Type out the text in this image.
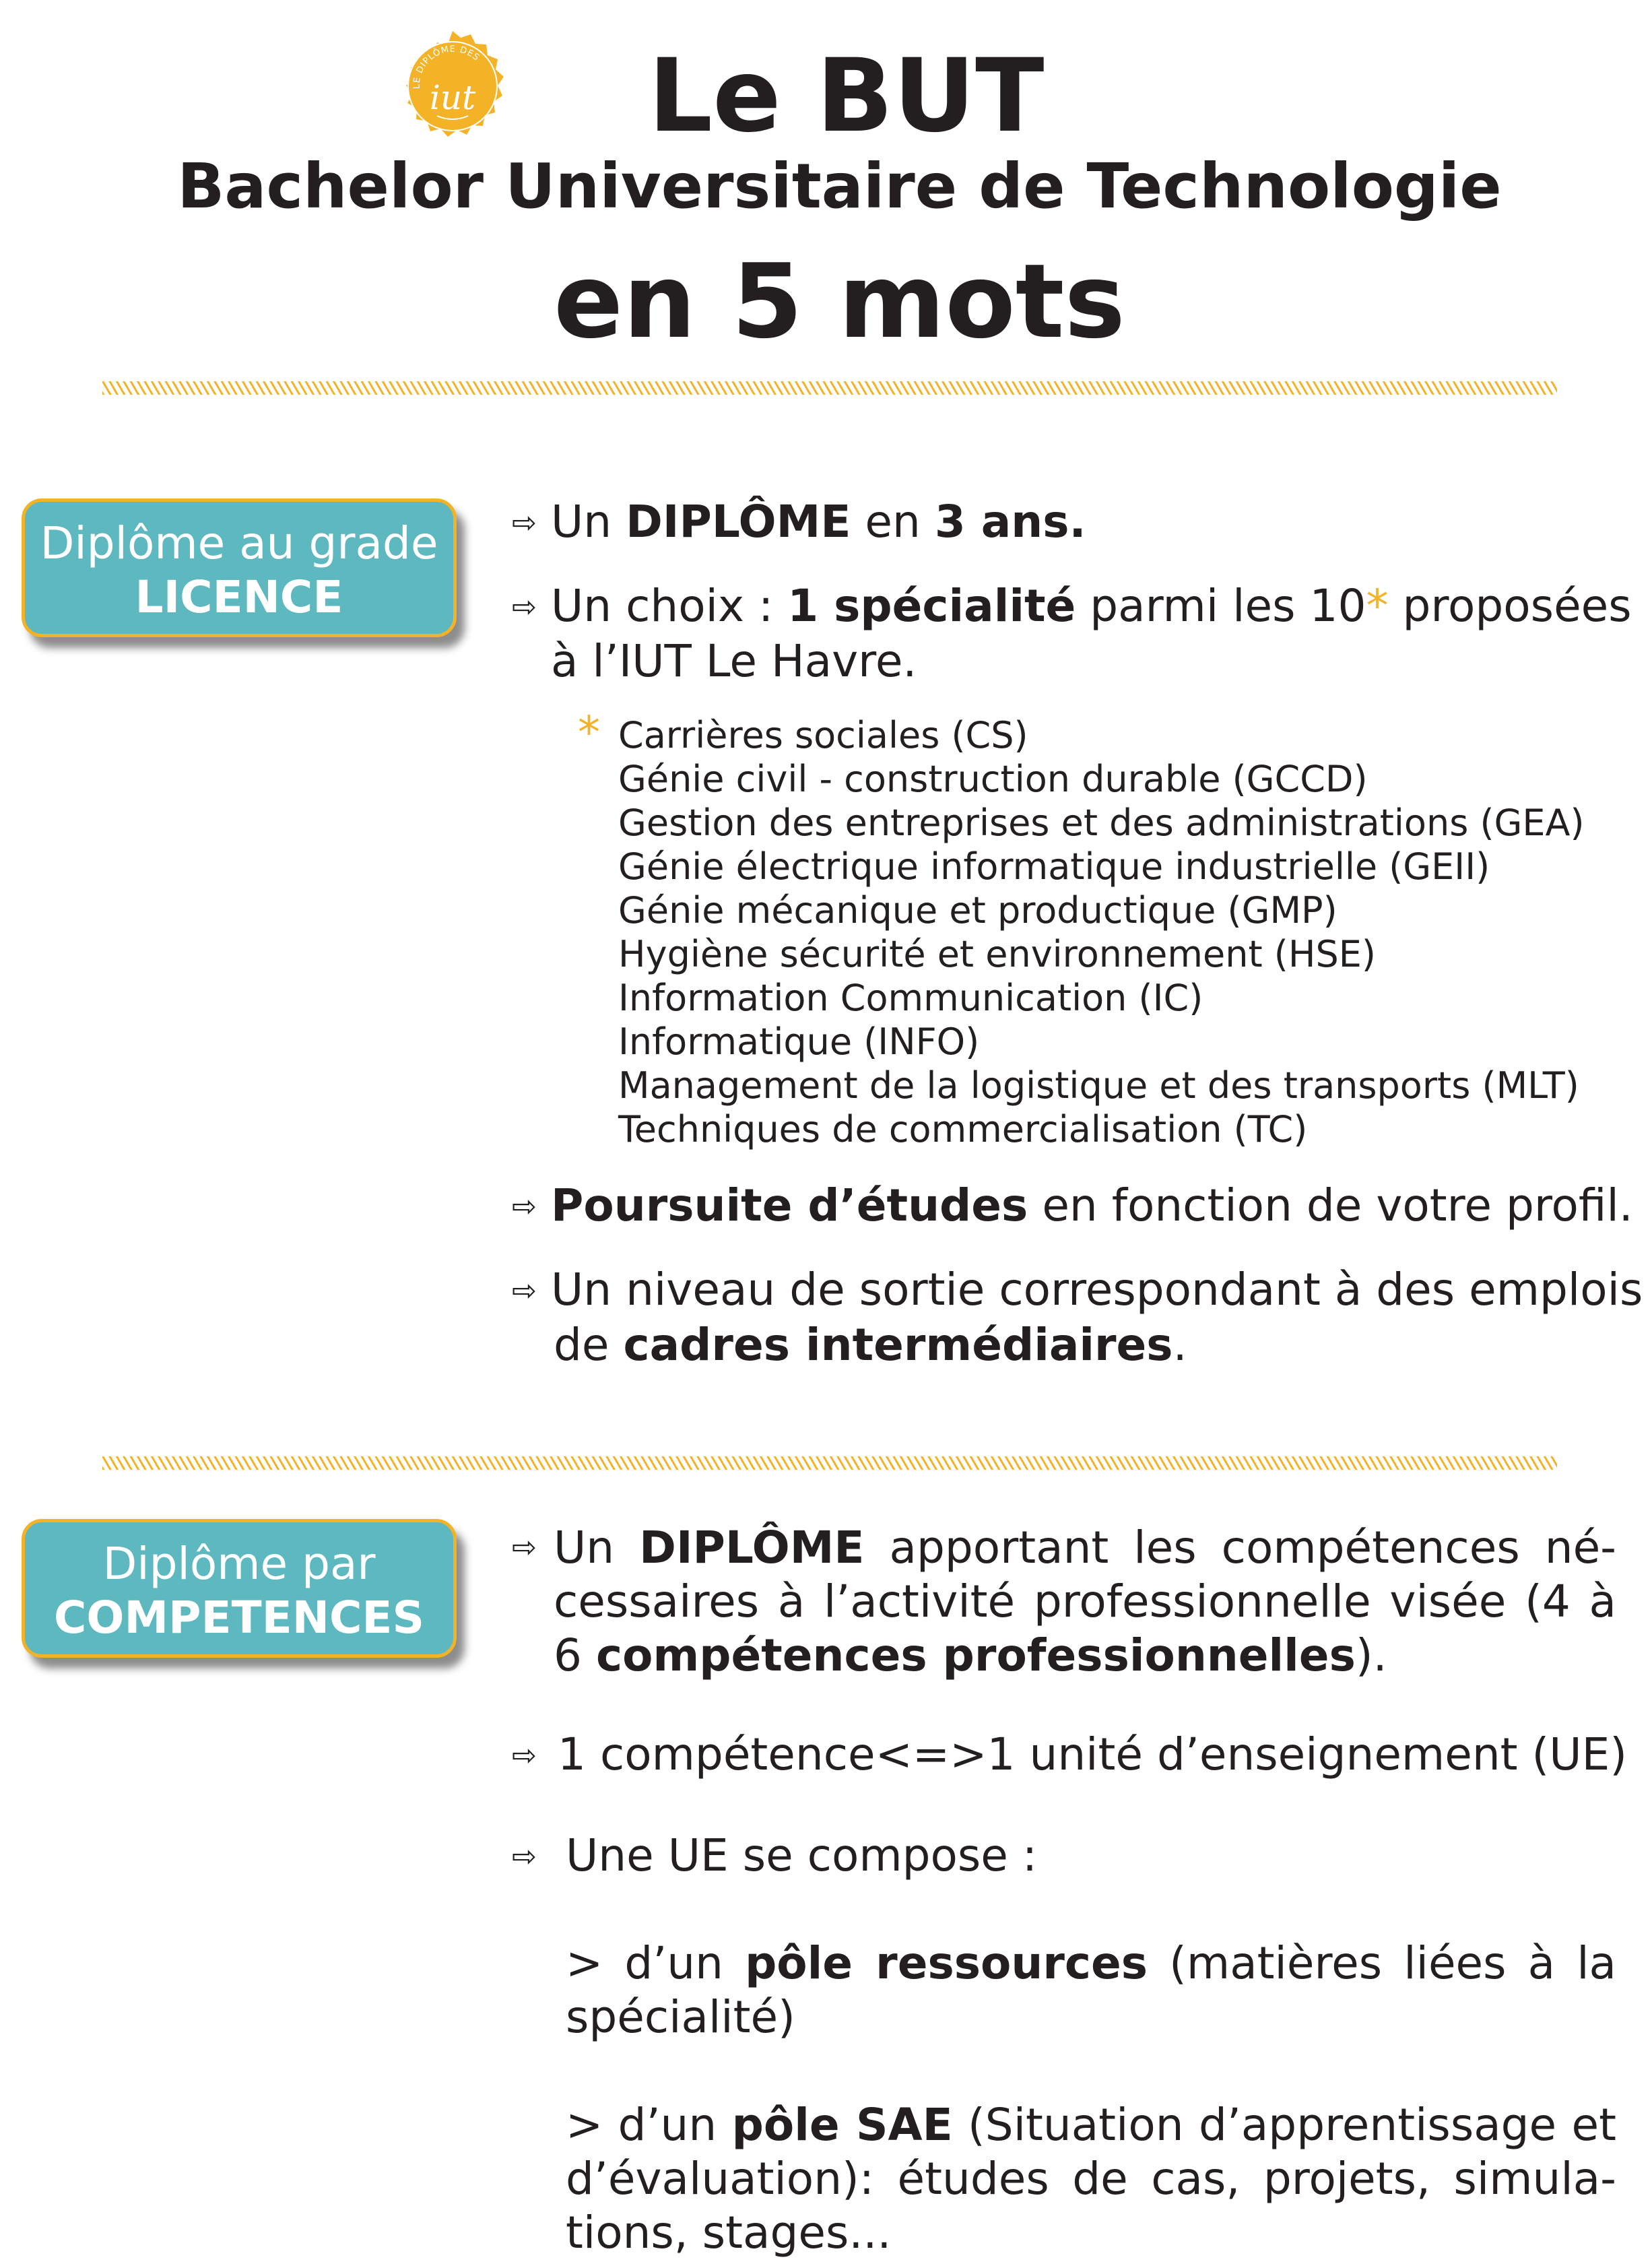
LE DIPLÔME DES
iut	Le BUT
Bachelor Universitaire de Technologie
en 5 mots
Diplôme au grade
LICENCE
⇨ Un DIPLÔME en 3 ans.
⇨ Un choix : 1 spécialité parmi les 10* proposées
à l’IUT Le Havre.
* Carrières sociales (CS)
Génie civil - construction durable (GCCD)
Gestion des entreprises et des administrations (GEA)
Génie électrique informatique industrielle (GEII)
Génie mécanique et productique (GMP)
Hygiène sécurité et environnement (HSE)
Information Communication (IC)
Informatique (INFO)
Management de la logistique et des transports (MLT)
Techniques de commercialisation (TC)
⇨ Poursuite d’études en fonction de votre profil.
⇨ Un niveau de sortie correspondant à des emplois
de cadres intermédiaires.
Diplôme par
COMPETENCES
⇨ Un DIPLÔME apportant les compétences né-cessaires à l’activité professionnelle visée (4 à 6 compétences professionnelles).
⇨ 1 compétence<=>1 unité d’enseignement (UE)
⇨ Une UE se compose :
> d’un pôle ressources (matières liées à la spécialité)
> d’un pôle SAE (Situation d’apprentissage et d’évaluation): études de cas, projets, simula-tions, stages...
